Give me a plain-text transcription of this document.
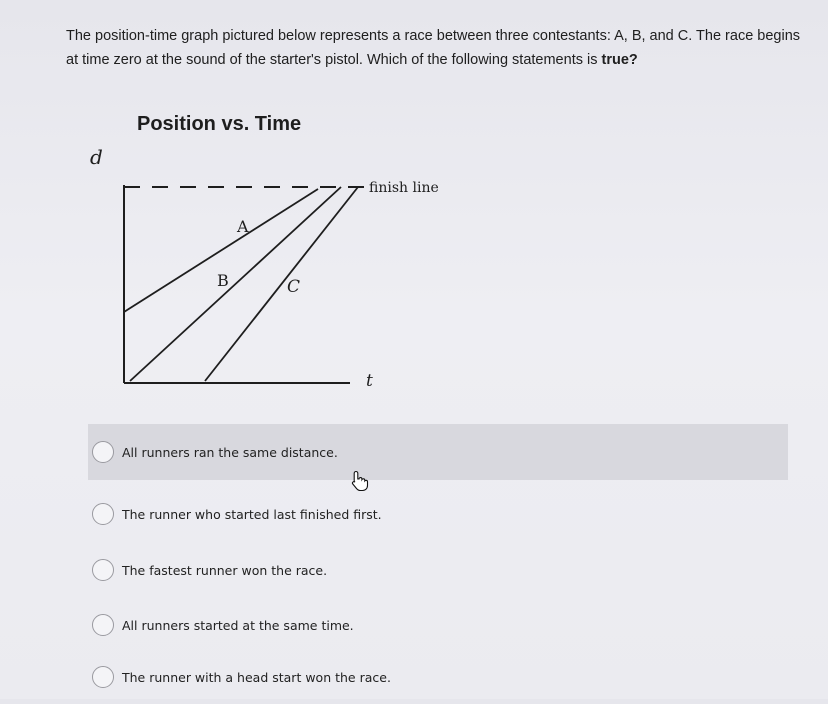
The position-time graph pictured below represents a race between three contestants: A, B, and C. The race begins at time zero at the sound of the starter's pistol. Which of the following statements is true?
Position vs. Time
d
t
finish line
A
B	C
All runners ran the same distance.
The runner who started last finished first.
The fastest runner won the race.
All runners started at the same time.
The runner with a head start won the race.
